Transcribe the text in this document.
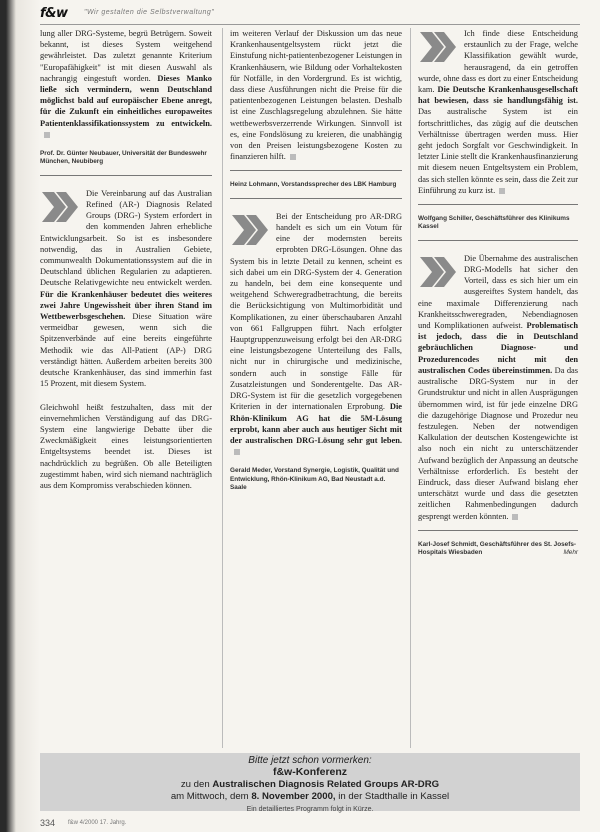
f&w "Wir gestalten die Selbstverwaltung"

lung aller DRG-Systeme, begrü Betrügern. Soweit bekannt, ist dieses System weitgehend gewährleistet. Das zuletzt genannte Kriterium "Europafähigkeit" ist mit diesen Auswahl als nachrangig eingestuft worden. Dieses Manko ließe sich vermindern, wenn Deutschland möglichst bald auf europäischer Ebene anregt, für die Zukunft ein einheitliches europaweites Patientenklassifikationssystem zu entwickeln.

Prof. Dr. Günter Neubauer, Universität der Bundeswehr München, Neubiberg

Die Vereinbarung auf das Australian Refined (AR-) Diagnosis Related Groups (DRG-) System erfordert in den kommenden Jahren erhebliche Entwicklungsarbeit. So ist es insbesondere notwendig, das in Australien Gebiete, communwealth Dokumentationssystem auf die in Deutschland üblichen Regularien zu adaptieren. Deutsche Relativgewichte neu entwickelt werden. Für die Krankenhäuser bedeutet dies weiteres zwei Jahre Ungewissheit über ihren Stand im Wettbewerbsgeschehen. Diese Situation wäre vermeidbar gewesen, wenn sich die Spitzenverbände auf eine bereits eingeführte Methodik wie das All-Patient (AP-) DRG verständigt hätten. Außerdem arbeiten bereits 300 deutsche Krankenhäuser, das sind immerhin fast 15 Prozent, mit diesem System.

Gleichwohl heißt festzuhalten, dass mit der einvernehmlichen Verständigung auf das DRG-System eine langwierige Debatte über die Zweckmäßigkeit eines leistungsorientierten Entgeltsystems beendet ist. Dieses ist nachdrücklich zu begrüßen. Ob alle Beteiligten zugestimmt haben, wird sich niemand nachträglich aus dem Kompromiss verabschieden können.

im weiteren Verlauf der Diskussion um das neue Krankenhausentgeltsystem rückt jetzt die Einstufung nicht-patientenbezogener Leistungen in Krankenhäusern, wie Bildung oder Vorhaltekosten für Notfälle, in den Vordergrund. Es ist wichtig, dass diese Ausführungen nicht die Preise für die patientenbezogenen Leistungen belasten. Deshalb ist eine Zuschlagsregelung abzulehnen. Sie hätte wettbewerbsverzerrende Wirkungen. Sinnvoll ist es, eine Fondslösung zu kreieren, die unabhängig von den Preisen leistungsbezogene Kosten zu finanzieren hilft.

Heinz Lohmann, Vorstandssprecher des LBK Hamburg

Bei der Entscheidung pro AR-DRG handelt es sich um ein Votum für eine der modernsten bereits erprobten DRG-Lösungen. Ohne das System bis in letzte Detail zu kennen, scheint es sich dabei um ein DRG-System der 4. Generation zu handeln, bei dem eine konsequente und weitgehend Schweregradbetrachtung, die bereits die Berücksichtigung von Multimorbidität und Komplikationen, zu einer überschaubaren Anzahl von 661 Fallgruppen führt. Nach erfolgter Hauptgruppenzuweisung erfolgt bei den AR-DRG eine leistungsbezogene Unterteilung des Falls, nicht nur in chirurgische und medizinische, sondern auch in sonstige Fälle für Zusatzleistungen und Sonderentgelte. Das AR-DRG-System ist für die gesetzlich vorgegebenen Kriterien in der internationalen Erprobung. Die Rhön-Klinikum AG hat die 5M-Lösung erprobt, kann aber auch aus heutiger Sicht mit der australischen DRG-Lösung sehr gut leben.

Gerald Meder, Vorstand Synergie, Logistik, Qualität und Entwicklung, Rhön-Klinikum AG, Bad Neustadt a.d. Saale

Ich finde diese Entscheidung erstaunlich zu der Frage, welche Klassifikation gewählt wurde, herausragend, da ein getroffen wurde, ohne dass es dort zu einer Entscheidung kam. Die Deutsche Krankenhausgesellschaft hat bewiesen, dass sie handlungsfähig ist. Das australische System ist ein fortschrittliches, das zügig auf die deutschen Verhältnisse übertragen werden muss. Hier geht jedoch Sorgfalt vor Geschwindigkeit. In letzter Linie stellt die Krankenhausfinanzierung mit diesem neuen Entgeltsystem ein Problem, das sich stellen könnte es sein, dass die Zeit zur Einführung zu kurz ist.

Wolfgang Schiller, Geschäftsführer des Klinikums Kassel

Die Übernahme des australischen DRG-Modells hat sicher den Vorteil, dass es sich hier um ein ausgereiftes System handelt, das eine maximale Differenzierung nach Krankheitsschweregraden, Nebendiagnosen und Komplikationen aufweist. Problematisch ist jedoch, dass die in Deutschland gebräuchlichen Diagnose- und Prozedurencodes nicht mit den australischen Codes übereinstimmen. Da das australische DRG-System nur in der Grundstruktur und nicht in allen Ausprägungen übernommen wird, ist für jede einzelne DRG die dazugehörige Diagnose und Prozedur neu festzulegen. Neben der notwendigen Kalkulation der deutschen Kostengewichte ist also noch ein nicht zu unterschätzender Aufwand bezüglich der Anpassung an deutsche Verhältnisse erforderlich. Es besteht der Eindruck, dass dieser Aufwand bislang eher unterschätzt wurde und dass die gesetzten zeitlichen Rahmenbedingungen dadurch gesprengt werden könnten.

Karl-Josef Schmidt, Geschäftsführer des St. Josefs-Hospitals Wiesbaden	Mehr
Bitte jetzt schon vormerken:
f&w-Konferenz
zu den Australischen Diagnosis Related Groups AR-DRG
am Mittwoch, dem 8. November 2000, in der Stadthalle in Kassel
Ein detailliertes Programm folgt in Kürze.
334 f&w 4/2000 17. Jahrg.
